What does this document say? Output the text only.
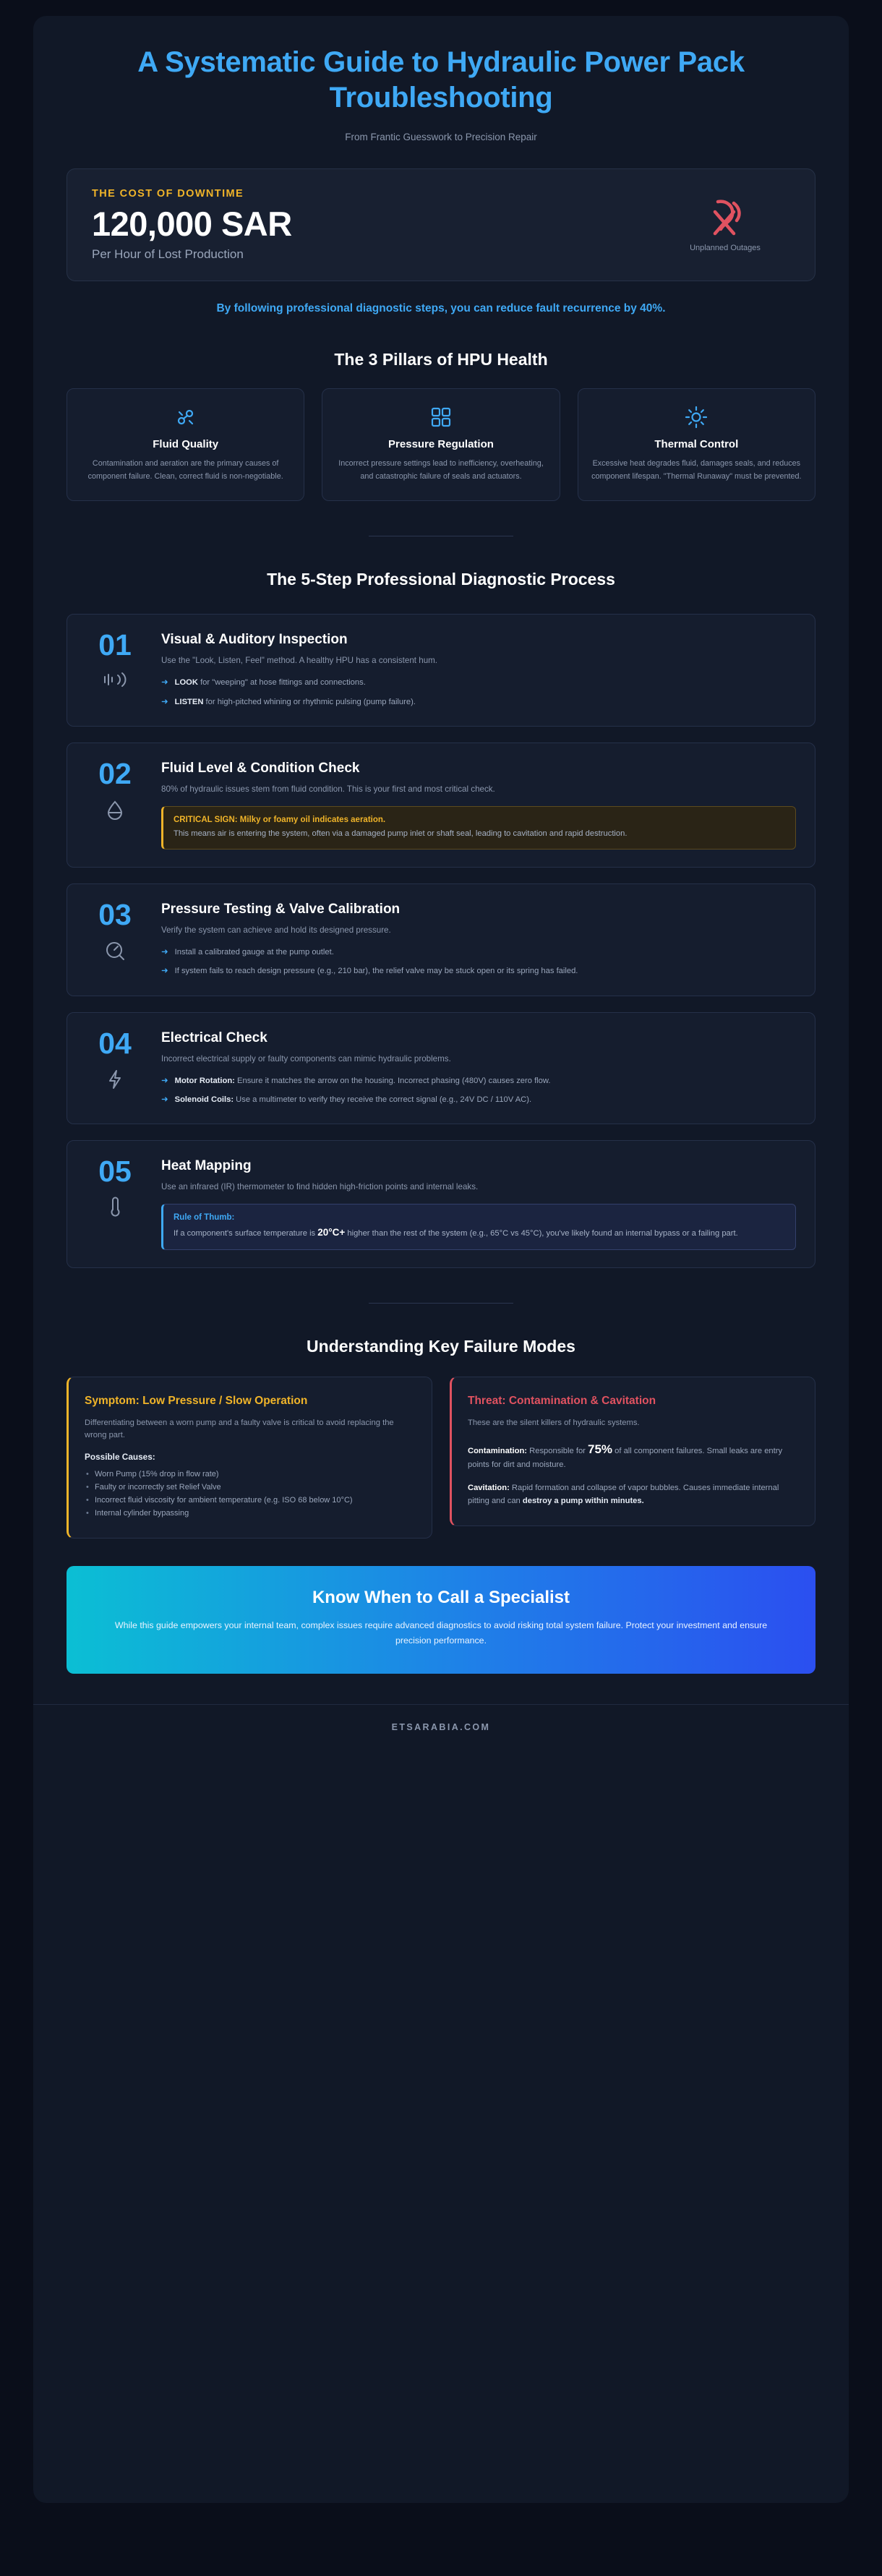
A Systematic Guide to Hydraulic Power Pack Troubleshooting
From Frantic Guesswork to Precision Repair
THE COST OF DOWNTIME
120,000 SAR
Per Hour of Lost Production	Unplanned Outages
By following professional diagnostic steps, you can reduce fault recurrence by 40%.
The 3 Pillars of HPU Health
Fluid Quality
Contamination and aeration are the primary causes of component failure. Clean, correct fluid is non-negotiable.
Pressure Regulation
Incorrect pressure settings lead to inefficiency, overheating, and catastrophic failure of seals and actuators.
Thermal Control
Excessive heat degrades fluid, damages seals, and reduces component lifespan. "Thermal Runaway" must be prevented.
The 5-Step Professional Diagnostic Process
01	Visual & Auditory Inspection
Use the "Look, Listen, Feel" method. A healthy HPU has a consistent hum.
➜ LOOK for "weeping" at hose fittings and connections.
➜ LISTEN for high-pitched whining or rhythmic pulsing (pump failure).
02	Fluid Level & Condition Check
80% of hydraulic issues stem from fluid condition. This is your first and most critical check.
CRITICAL SIGN: Milky or foamy oil indicates aeration.
This means air is entering the system, often via a damaged pump inlet or shaft seal, leading to cavitation and rapid destruction.
03	Pressure Testing & Valve Calibration
Verify the system can achieve and hold its designed pressure.
➜ Install a calibrated gauge at the pump outlet.
➜ If system fails to reach design pressure (e.g., 210 bar), the relief valve may be stuck open or its spring has failed.
04	Electrical Check
Incorrect electrical supply or faulty components can mimic hydraulic problems.
➜ Motor Rotation: Ensure it matches the arrow on the housing. Incorrect phasing (480V) causes zero flow.
➜ Solenoid Coils: Use a multimeter to verify they receive the correct signal (e.g., 24V DC / 110V AC).
05	Heat Mapping
Use an infrared (IR) thermometer to find hidden high-friction points and internal leaks.
Rule of Thumb:
If a component's surface temperature is 20°C+ higher than the rest of the system (e.g., 65°C vs 45°C), you've likely found an internal bypass or a failing part.
Understanding Key Failure Modes
Symptom: Low Pressure / Slow Operation
Differentiating between a worn pump and a faulty valve is critical to avoid replacing the wrong part.
Possible Causes:
• Worn Pump (15% drop in flow rate)
• Faulty or incorrectly set Relief Valve
• Incorrect fluid viscosity for ambient temperature (e.g. ISO 68 below 10°C)
• Internal cylinder bypassing
Threat: Contamination & Cavitation
These are the silent killers of hydraulic systems.
Contamination: Responsible for 75% of all component failures. Small leaks are entry points for dirt and moisture.
Cavitation: Rapid formation and collapse of vapor bubbles. Causes immediate internal pitting and can destroy a pump within minutes.
Know When to Call a Specialist
While this guide empowers your internal team, complex issues require advanced diagnostics to avoid risking total system failure. Protect your investment and ensure precision performance.
ETSARABIA.COM
